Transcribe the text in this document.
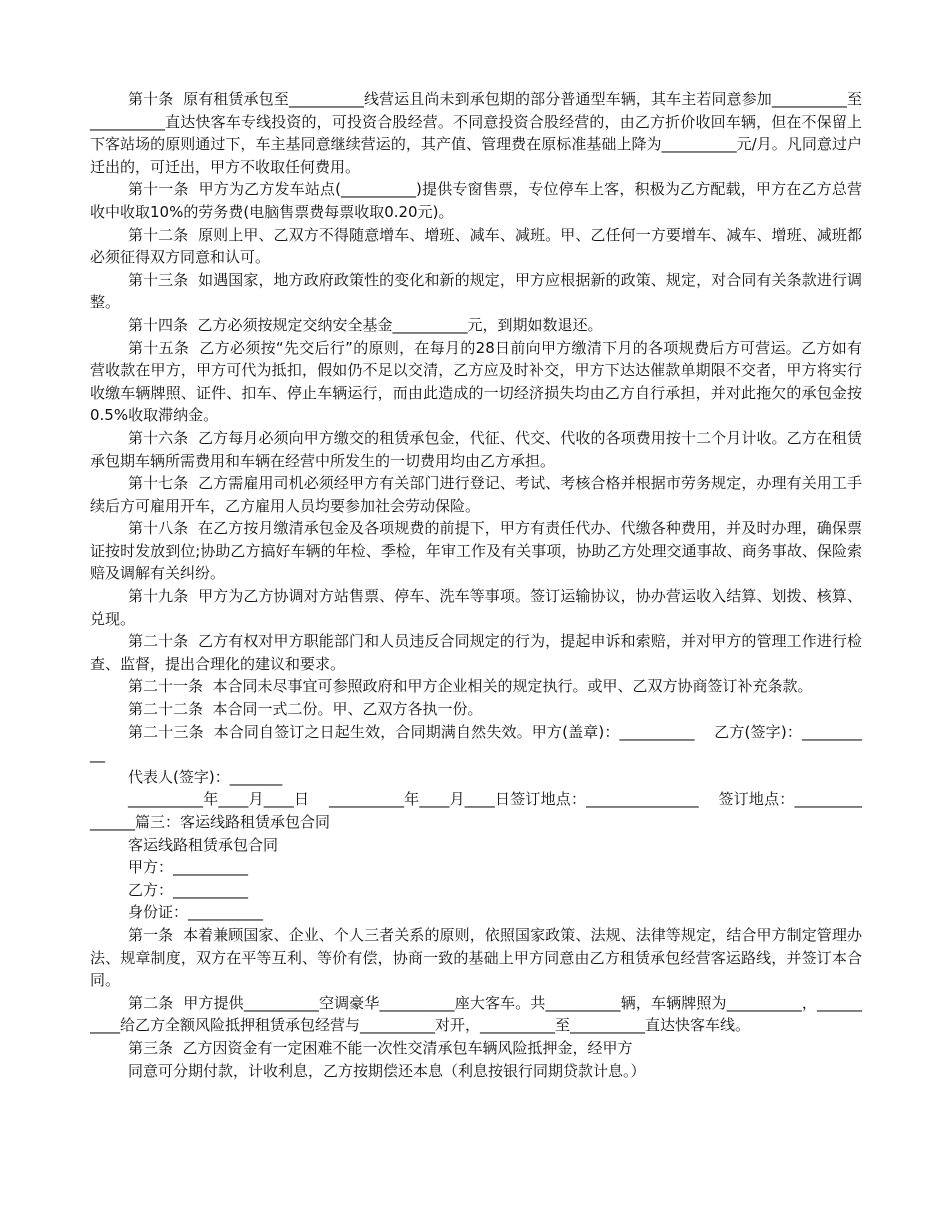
第十条  原有租赁承包至__________线营运且尚未到承包期的部分普通型车辆，其车主若同意参加__________至__________直达快客车专线投资的，可投资合股经营。不同意投资合股经营的，由乙方折价收回车辆，但在不保留上下客站场的原则通过下，车主基同意继续营运的，其产值、管理费在原标准基础上降为__________元/月。凡同意过户迁出的，可迁出，甲方不收取任何费用。

第十一条  甲方为乙方发车站点(__________)提供专窗售票，专位停车上客，积极为乙方配载，甲方在乙方总营收中收取10%的劳务费(电脑售票费每票收取0.20元)。

第十二条  原则上甲、乙双方不得随意增车、增班、减车、减班。甲、乙任何一方要增车、减车、增班、减班都必须征得双方同意和认可。

第十三条  如遇国家，地方政府政策性的变化和新的规定，甲方应根据新的政策、规定，对合同有关条款进行调整。

第十四条  乙方必须按规定交纳安全基金__________元，到期如数退还。

第十五条  乙方必须按“先交后行”的原则，在每月的28日前向甲方缴清下月的各项规费后方可营运。乙方如有营收款在甲方，甲方可代为抵扣，假如仍不足以交清，乙方应及时补交，甲方下达达催款单期限不交者，甲方将实行收缴车辆牌照、证件、扣车、停止车辆运行，而由此造成的一切经济损失均由乙方自行承担，并对此拖欠的承包金按0.5%收取滞纳金。

第十六条  乙方每月必须向甲方缴交的租赁承包金，代征、代交、代收的各项费用按十二个月计收。乙方在租赁承包期车辆所需费用和车辆在经营中所发生的一切费用均由乙方承担。

第十七条  乙方需雇用司机必须经甲方有关部门进行登记、考试、考核合格并根据市劳务规定，办理有关用工手续后方可雇用开车，乙方雇用人员均要参加社会劳动保险。

第十八条  在乙方按月缴清承包金及各项规费的前提下，甲方有责任代办、代缴各种费用，并及时办理，确保票证按时发放到位;协助乙方搞好车辆的年检、季检，年审工作及有关事项，协助乙方处理交通事故、商务事故、保险索赔及调解有关纠纷。

第十九条  甲方为乙方协调对方站售票、停车、洗车等事项。签订运输协议，协办营运收入结算、划拨、核算、兑现。

第二十条  乙方有权对甲方职能部门和人员违反合同规定的行为，提起申诉和索赔，并对甲方的管理工作进行检查、监督，提出合理化的建议和要求。

第二十一条  本合同未尽事宜可参照政府和甲方企业相关的规定执行。或甲、乙双方协商签订补充条款。

第二十二条  本合同一式二份。甲、乙双方各执一份。

第二十三条  本合同自签订之日起生效，合同期满自然失效。甲方(盖章)：__________    乙方(签字)：__________

代表人(签字)：_______

__________年____月____日    __________年____月____日签订地点：_______________    签订地点：_______________篇三：客运线路租赁承包合同

客运线路租赁承包合同

甲方：__________

乙方：__________

身份证：__________

第一条  本着兼顾国家、企业、个人三者关系的原则，依照国家政策、法规、法律等规定，结合甲方制定管理办法、规章制度，双方在平等互利、等价有偿，协商一致的基础上甲方同意由乙方租赁承包经营客运路线，并签订本合同。

第二条  甲方提供__________空调豪华__________座大客车。共__________辆，车辆牌照为__________，__________给乙方全额风险抵押租赁承包经营与__________对开，__________至__________直达快客车线。

第三条  乙方因资金有一定困难不能一次性交清承包车辆风险抵押金，经甲方

同意可分期付款，计收利息，乙方按期偿还本息（利息按银行同期贷款计息。）
